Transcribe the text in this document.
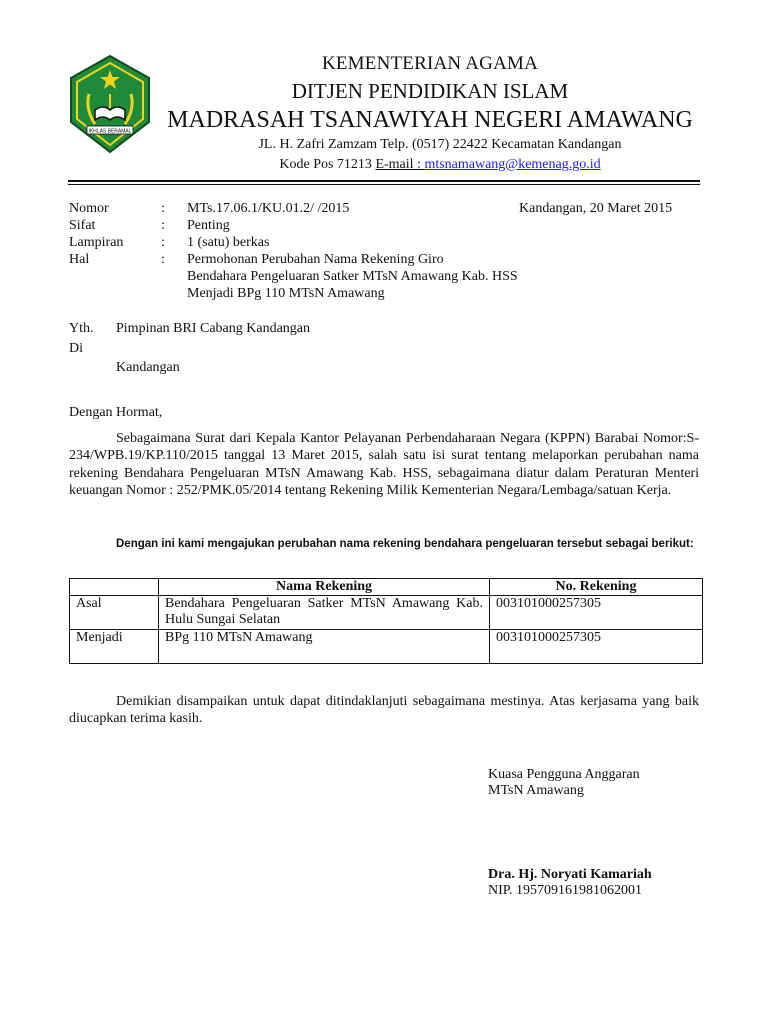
IKHLAS BERAMAL
KEMENTERIAN AGAMA
DITJEN PENDIDIKAN ISLAM
MADRASAH TSANAWIYAH NEGERI AMAWANG
JL. H. Zafri Zamzam Telp. (0517) 22422 Kecamatan Kandangan
Kode Pos 71213 E-mail : mtsnamawang@kemenag.go.id
Nomor	: MTs.17.06.1/KU.01.2/ /2015	Kandangan, 20 Maret 2015
Sifat	: Penting
Lampiran	: 1 (satu) berkas
Hal	: Permohonan Perubahan Nama Rekening Giro
Bendahara Pengeluaran Satker MTsN Amawang Kab. HSS
Menjadi BPg 110 MTsN Amawang
Yth. Pimpinan BRI Cabang Kandangan
Di
Kandangan
Dengan Hormat,
Sebagaimana Surat dari Kepala Kantor Pelayanan Perbendaharaan Negara (KPPN) Barabai Nomor:S-234/WPB.19/KP.110/2015 tanggal 13 Maret 2015, salah satu isi surat tentang melaporkan perubahan nama rekening Bendahara Pengeluaran MTsN Amawang Kab. HSS, sebagaimana diatur dalam Peraturan Menteri keuangan Nomor : 252/PMK.05/2014 tentang Rekening Milik Kementerian Negara/Lembaga/satuan Kerja.
Dengan ini kami mengajukan perubahan nama rekening bendahara pengeluaran tersebut sebagai berikut:
	Nama Rekening	No. Rekening
Asal	Bendahara Pengeluaran Satker MTsN Amawang Kab. Hulu Sungai Selatan	003101000257305
Menjadi	BPg 110 MTsN Amawang	003101000257305
Demikian disampaikan untuk dapat ditindaklanjuti sebagaimana mestinya. Atas kerjasama yang baik diucapkan terima kasih.
Kuasa Pengguna Anggaran
MTsN Amawang
Dra. Hj. Noryati Kamariah
NIP. 195709161981062001
